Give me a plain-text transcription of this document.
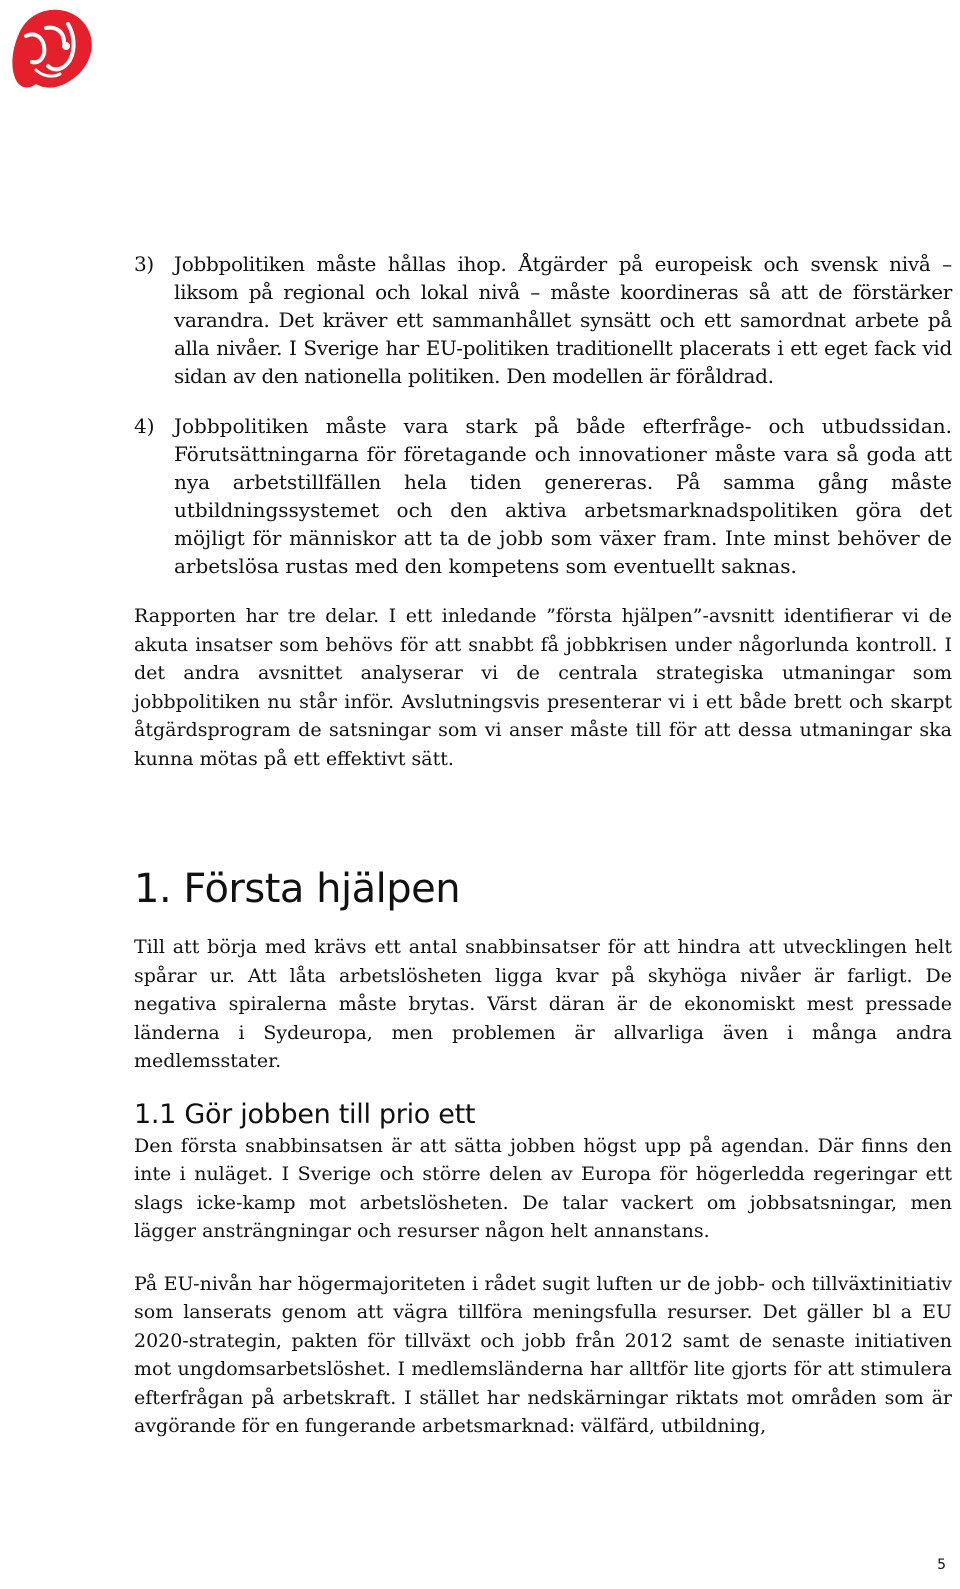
3)	Jobbpolitiken måste hållas ihop. Åtgärder på europeisk och svensk nivå – liksom på regional och lokal nivå – måste koordineras så att de förstärker varandra. Det kräver ett sammanhållet synsätt och ett samordnat arbete på alla nivåer. I Sverige har EU-politiken traditionellt placerats i ett eget fack vid sidan av den nationella politiken. Den modellen är föråldrad.
4) Jobbpolitiken måste vara stark på både efterfråge- och utbudssidan. Förutsättningarna för företagande och innovationer måste vara så goda att nya arbetstillfällen hela tiden genereras. På samma gång måste utbildningssystemet och den aktiva arbetsmarknadspolitiken göra det möjligt för människor att ta de jobb som växer fram. Inte minst behöver de arbetslösa rustas med den kompetens som eventuellt saknas.

Rapporten har tre delar. I ett inledande ”första hjälpen”-avsnitt identifierar vi de akuta insatser som behövs för att snabbt få jobbkrisen under någorlunda kontroll. I det andra avsnittet analyserar vi de centrala strategiska utmaningar som jobbpolitiken nu står inför. Avslutningsvis presenterar vi i ett både brett och skarpt åtgärdsprogram de satsningar som vi anser måste till för att dessa utmaningar ska kunna mötas på ett effektivt sätt.

1. Första hjälpen

Till att börja med krävs ett antal snabbinsatser för att hindra att utvecklingen helt spårar ur. Att låta arbetslösheten ligga kvar på skyhöga nivåer är farligt. De negativa spiralerna måste brytas. Värst däran är de ekonomiskt mest pressade länderna i Sydeuropa, men problemen är allvarliga även i många andra medlemsstater.

1.1 Gör jobben till prio ett

Den första snabbinsatsen är att sätta jobben högst upp på agendan. Där finns den inte i nuläget. I Sverige och större delen av Europa för högerledda regeringar ett slags icke-kamp mot arbetslösheten. De talar vackert om jobbsatsningar, men lägger ansträngningar och resurser någon helt annanstans.

På EU-nivån har högermajoriteten i rådet sugit luften ur de jobb- och tillväxtinitiativ som lanserats genom att vägra tillföra meningsfulla resurser. Det gäller bl a EU 2020-strategin, pakten för tillväxt och jobb från 2012 samt de senaste initiativen mot ungdomsarbetslöshet. I medlemsländerna har alltför lite gjorts för att stimulera efterfrågan på arbetskraft. I stället har nedskärningar riktats mot områden som är avgörande för en fungerande arbetsmarknad: välfärd, utbildning,

5
